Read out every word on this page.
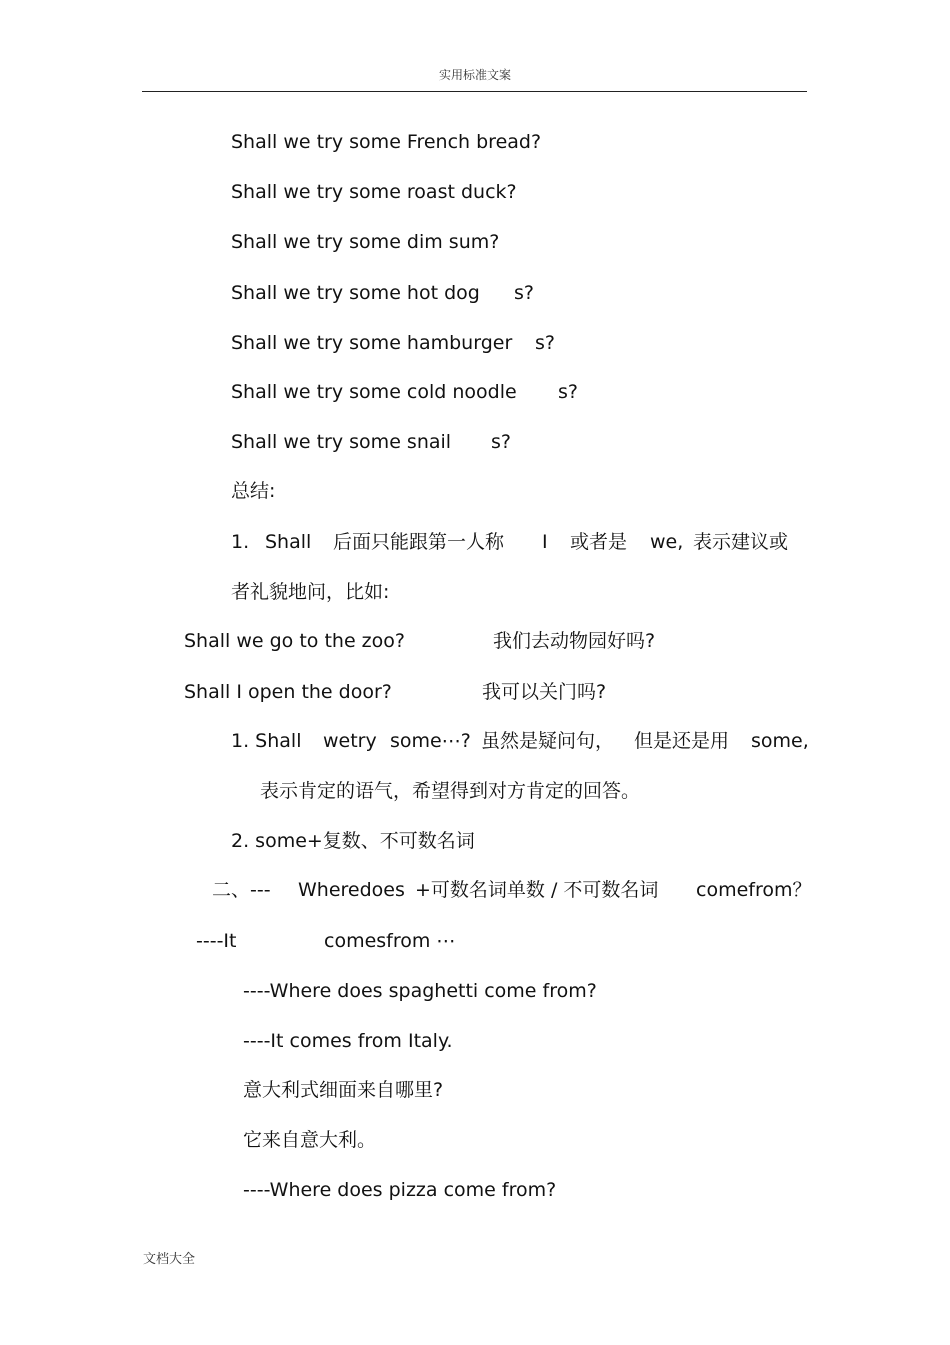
实用标准文案
Shall we try some French bread?
Shall we try some roast duck?
Shall we try some dim sum?
Shall we try some hot dog s?
Shall we try some hamburger s?
Shall we try some cold noodle s?
Shall we try some snail s?
总结:
1. Shall 后面只能跟第一人称 I 或者是 we, 表示建议或
者礼貌地问，比如:
Shall we go to the zoo?	我们去动物园好吗?
Shall I open the door?	我可以关门吗?
1. Shall wetry some⋯? 虽然是疑问句， 但是还是用 some,
表示肯定的语气，希望得到对方肯定的回答。
2. some+复数、不可数名词
二、--- Wheredoes +可数名词单数 / 不可数名词 comefrom？
----It	comesfrom ⋯
----Where does spaghetti come from?
----It comes from Italy.
意大利式细面来自哪里?
它来自意大利。
----Where does pizza come from?
文档大全
